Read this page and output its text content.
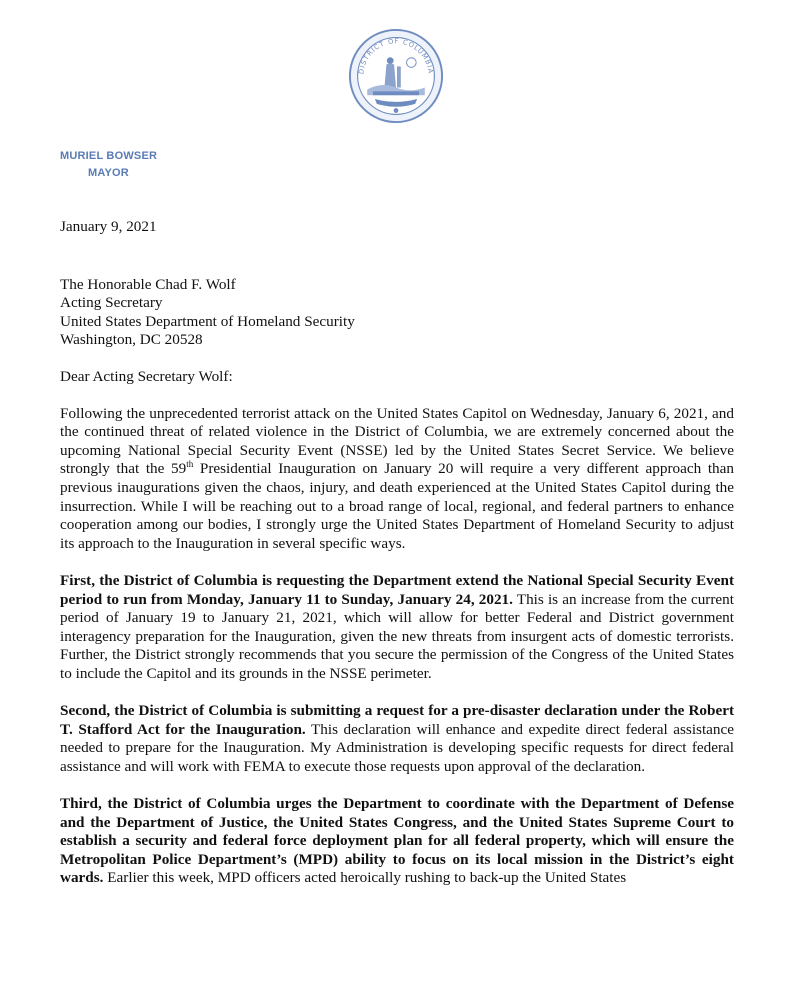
DISTRICT OF COLUMBIA
MURIEL BOWSER
MAYOR
January 9, 2021
The Honorable Chad F. Wolf
Acting Secretary
United States Department of Homeland Security
Washington, DC 20528
Dear Acting Secretary Wolf:

Following the unprecedented terrorist attack on the United States Capitol on Wednesday, January 6, 2021, and the continued threat of related violence in the District of Columbia, we are extremely concerned about the upcoming National Special Security Event (NSSE) led by the United States Secret Service. We believe strongly that the 59th Presidential Inauguration on January 20 will require a very different approach than previous inaugurations given the chaos, injury, and death experienced at the United States Capitol during the insurrection. While I will be reaching out to a broad range of local, regional, and federal partners to enhance cooperation among our bodies, I strongly urge the United States Department of Homeland Security to adjust its approach to the Inauguration in several specific ways.

First, the District of Columbia is requesting the Department extend the National Special Security Event period to run from Monday, January 11 to Sunday, January 24, 2021. This is an increase from the current period of January 19 to January 21, 2021, which will allow for better Federal and District government interagency preparation for the Inauguration, given the new threats from insurgent acts of domestic terrorists. Further, the District strongly recommends that you secure the permission of the Congress of the United States to include the Capitol and its grounds in the NSSE perimeter.

Second, the District of Columbia is submitting a request for a pre-disaster declaration under the Robert T. Stafford Act for the Inauguration. This declaration will enhance and expedite direct federal assistance needed to prepare for the Inauguration. My Administration is developing specific requests for direct federal assistance and will work with FEMA to execute those requests upon approval of the declaration.

Third, the District of Columbia urges the Department to coordinate with the Department of Defense and the Department of Justice, the United States Congress, and the United States Supreme Court to establish a security and federal force deployment plan for all federal property, which will ensure the Metropolitan Police Department’s (MPD) ability to focus on its local mission in the District’s eight wards. Earlier this week, MPD officers acted heroically rushing to back-up the United States
